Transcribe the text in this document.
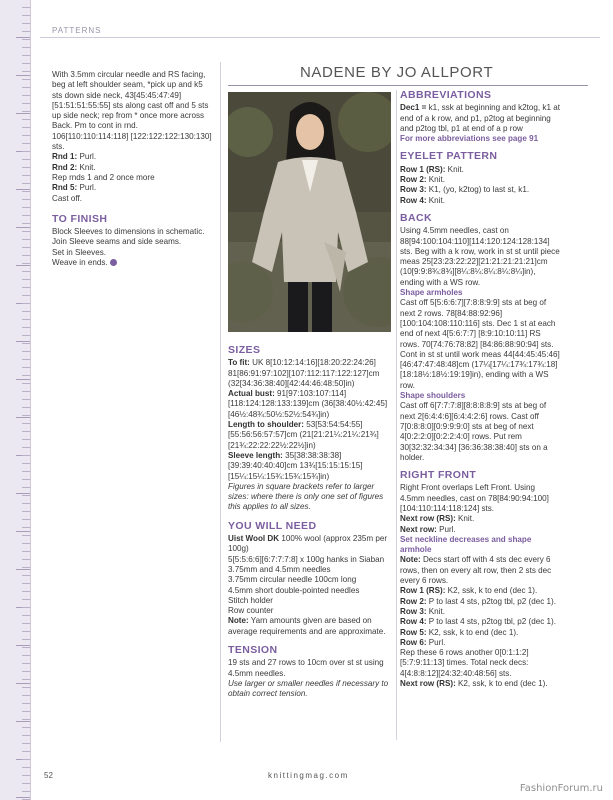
PATTERNS
NADENE BY JO ALLPORT

With 3.5mm circular needle and RS facing, beg at left shoulder seam, *pick up and k5 sts down side neck, 43[45:45:47:49] [51:51:51:55:55] sts along cast off and 5 sts up side neck; rep from * once more across Back. Pm to cont in rnd. 106[110:110:114:118] [122:122:122:130:130] sts.

Rnd 1: Purl.

Rnd 2: Knit.

Rep rnds 1 and 2 once more

Rnd 5: Purl.

Cast off.

TO FINISH

Block Sleeves to dimensions in schematic.

Join Sleeve seams and side seams.

Set in Sleeves.

Weave in ends.

SIZES

To fit: UK 8[10:12:14:16][18:20:22:24:26] 81[86:91:97:102][107:112:117:122:127]cm (32[34:36:38:40][42:44:46:48:50]in)

Actual bust: 91[97:103:107:114] [118:124:128:133:139]cm (36[38:40½:42:45] [46½:48¾:50½:52½:54¾]in)

Length to shoulder: 53[53:54:54:55] [55:56:56:57:57]cm (21[21:21¼:21¼:21¾] [21¾:22:22:22½:22½]in)

Sleeve length: 35[38:38:38:38] [39:39:40:40:40]cm 13¾[15:15:15:15][15¼:15¼:15¾:15¾:15¾]in)

Figures in square brackets refer to larger sizes: where there is only one set of figures this applies to all sizes.

YOU WILL NEED

Uist Wool DK 100% wool (approx 235m per 100g)

5[5:5:6:6][6:7:7:7:8] x 100g hanks in Siaban

3.75mm and 4.5mm needles

3.75mm circular needle 100cm long

4.5mm short double-pointed needles

Stitch holder

Row counter

Note: Yarn amounts given are based on average requirements and are approximate.

TENSION

19 sts and 27 rows to 10cm over st st using 4.5mm needles.

Use larger or smaller needles if necessary to obtain correct tension.

ABBREVIATIONS

Dec1 = k1, ssk at beginning and k2tog, k1 at end of a k row, and p1, p2tog at beginning and p2tog tbl, p1 at end of a p row

For more abbreviations see page 91

EYELET PATTERN

Row 1 (RS): Knit.

Row 2: Knit.

Row 3: K1, (yo, k2tog) to last st, k1.

Row 4: Knit.

BACK

Using 4.5mm needles, cast on 88[94:100:104:110][114:120:124:128:134] sts. Beg with a k row, work in st st until piece meas 25[23:23:22:22][21:21:21:21:21]cm (10[9:9:8¾:8¾][8¼:8¼:8¼:8¼:8¼]in), ending with a WS row.

Shape armholes

Cast off 5[5:6:6:7][7:8:8:9:9] sts at beg of next 2 rows. 78[84:88:92:96] [100:104:108:110:116] sts. Dec 1 st at each end of next 4[5:6:7:7] [8:9:10:10:11] RS rows. 70[74:76:78:82] [84:86:88:90:94] sts. Cont in st st until work meas 44[44:45:45:46][46:47:47:48:48]cm (17¼[17¼:17¾:17¾:18][18:18½:18½:19:19]in), ending with a WS row.

Shape shoulders

Cast off 6[7:7:7:8][8:8:8:8:9] sts at beg of next 2[6:4:4:6][6:4:4:2:6] rows. Cast off 7[0:8:8:0][0:9:9:9:0] sts at beg of next 4[0:2:2:0][0:2:2:4:0] rows. Put rem 30[32:32:34:34] [36:36:38:38:40] sts on a holder.

RIGHT FRONT

Right Front overlaps Left Front. Using 4.5mm needles, cast on 78[84:90:94:100][104:110:114:118:124] sts.

Next row (RS): Knit.

Next row: Purl.

Set neckline decreases and shape armhole

Note: Decs start off with 4 sts dec every 6 rows, then on every alt row, then 2 sts dec every 6 rows.

Row 1 (RS): K2, ssk, k to end (dec 1).

Row 2: P to last 4 sts, p2tog tbl, p2 (dec 1).

Row 3: Knit.

Row 4: P to last 4 sts, p2tog tbl, p2 (dec 1).

Row 5: K2, ssk, k to end (dec 1).

Row 6: Purl.

Rep these 6 rows another 0[0:1:1:2] [5:7:9:11:13] times. Total neck decs: 4[4:8:8:12][24:32:40:48:56] sts.

Next row (RS): K2, ssk, k to end (dec 1).

52	knittingmag.com
FashionForum.ru
